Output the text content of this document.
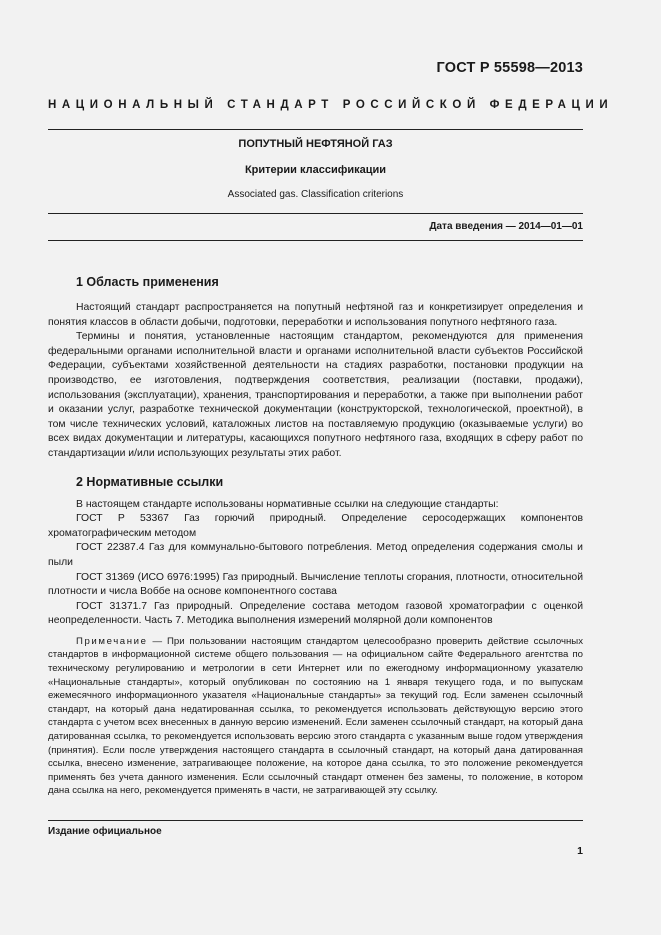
ГОСТ Р 55598—2013
НАЦИОНАЛЬНЫЙ СТАНДАРТ РОССИЙСКОЙ ФЕДЕРАЦИИ
ПОПУТНЫЙ НЕФТЯНОЙ ГАЗ
Критерии классификации
Associated gas. Classification criterions
Дата введения — 2014—01—01
1 Область применения

Настоящий стандарт распространяется на попутный нефтяной газ и конкретизирует определения и понятия классов в области добычи, подготовки, переработки и использования попутного нефтяного газа.

Термины и понятия, установленные настоящим стандартом, рекомендуются для применения федеральными органами исполнительной власти и органами исполнительной власти субъектов Российской Федерации, субъектами хозяйственной деятельности на стадиях разработки, постановки продукции на производство, ее изготовления, подтверждения соответствия, реализации (поставки, продажи), использования (эксплуатации), хранения, транспортирования и переработки, а также при выполнении работ и оказании услуг, разработке технической документации (конструкторской, технологической, проектной), в том числе технических условий, каталожных листов на поставляемую продукцию (оказываемые услуги) во всех видах документации и литературы, касающихся попутного нефтяного газа, входящих в сферу работ по стандартизации и/или использующих результаты этих работ.

2 Нормативные ссылки

В настоящем стандарте использованы нормативные ссылки на следующие стандарты:

ГОСТ Р 53367 Газ горючий природный. Определение серосодержащих компонентов хроматографическим методом

ГОСТ 22387.4 Газ для коммунально-бытового потребления. Метод определения содержания смолы и пыли

ГОСТ 31369 (ИСО 6976:1995) Газ природный. Вычисление теплоты сгорания, плотности, относительной плотности и числа Воббе на основе компонентного состава

ГОСТ 31371.7 Газ природный. Определение состава методом газовой хроматографии с оценкой неопределенности. Часть 7. Методика выполнения измерений молярной доли компонентов

Примечание — При пользовании настоящим стандартом целесообразно проверить действие ссылочных стандартов в информационной системе общего пользования — на официальном сайте Федерального агентства по техническому регулированию и метрологии в сети Интернет или по ежегодному информационному указателю «Национальные стандарты», который опубликован по состоянию на 1 января текущего года, и по выпускам ежемесячного информационного указателя «Национальные стандарты» за текущий год. Если заменен ссылочный стандарт, на который дана недатированная ссылка, то рекомендуется использовать действующую версию этого стандарта с учетом всех внесенных в данную версию изменений. Если заменен ссылочный стандарт, на который дана датированная ссылка, то рекомендуется использовать версию этого стандарта с указанным выше годом утверждения (принятия). Если после утверждения настоящего стандарта в ссылочный стандарт, на который дана датированная ссылка, внесено изменение, затрагивающее положение, на которое дана ссылка, то это положение рекомендуется применять без учета данного изменения. Если ссылочный стандарт отменен без замены, то положение, в котором дана ссылка на него, рекомендуется применять в части, не затрагивающей эту ссылку.
Издание официальное
1
